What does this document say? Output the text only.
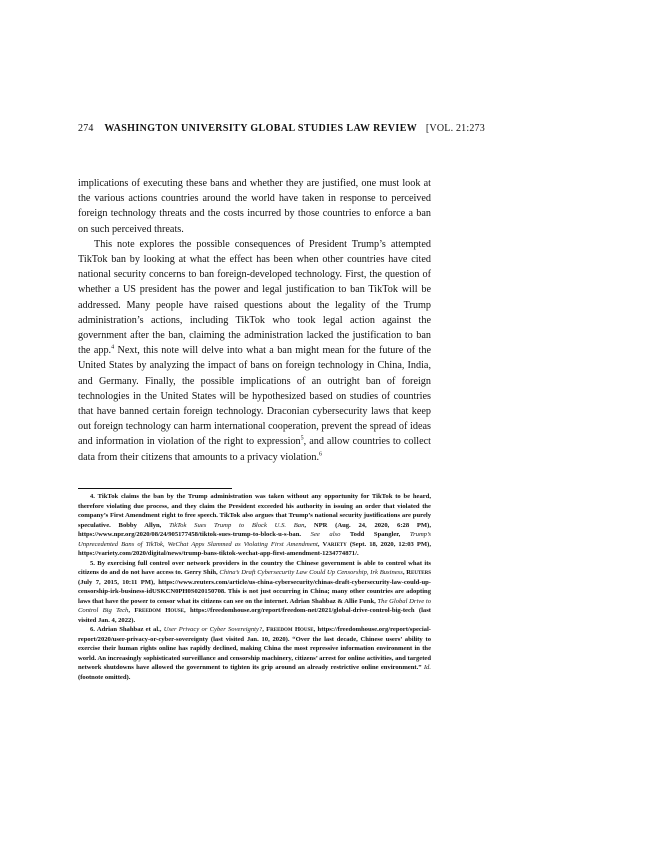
274 WASHINGTON UNIVERSITY GLOBAL STUDIES LAW REVIEW [VOL. 21:273

implications of executing these bans and whether they are justified, one must look at the various actions countries around the world have taken in response to perceived foreign technology threats and the costs incurred by those countries to enforce a ban on such perceived threats.

This note explores the possible consequences of President Trump’s attempted TikTok ban by looking at what the effect has been when other countries have cited national security concerns to ban foreign-developed technology. First, the question of whether a US president has the power and legal justification to ban TikTok will be addressed. Many people have raised questions about the legality of the Trump administration’s actions, including TikTok who took legal action against the government after the ban, claiming the administration lacked the justification to ban the app.$^4$ Next, this note will delve into what a ban might mean for the future of the United States by analyzing the impact of bans on foreign technology in China, India, and Germany. Finally, the possible implications of an outright ban of foreign technologies in the United States will be hypothesized based on studies of countries that have banned certain foreign technology. Draconian cybersecurity laws that keep out foreign technology can harm international cooperation, prevent the spread of ideas and information in violation of the right to expression$^5$, and allow countries to collect data from their citizens that amounts to a privacy violation.$^6$

4. TikTok claims the ban by the Trump administration was taken without any opportunity for TikTok to be heard, therefore violating due process, and they claim the President exceeded his authority in issuing an order that violated the company’s First Amendment right to free speech. TikTok also argues that Trump’s national security justifications are purely speculative. Bobby Allyn, TikTok Sues Trump to Block U.S. Ban, NPR (Aug. 24, 2020, 6:28 PM), https://www.npr.org/2020/08/24/905177458/tiktok-sues-trump-to-block-u-s-ban. See also Todd Spangler, Trump’s Unprecedented Bans of TikTok, WeChat Apps Slammed as Violating First Amendment, Variety (Sept. 18, 2020, 12:03 PM), https://variety.com/2020/digital/news/trump-bans-tiktok-wechat-app-first-amendment-1234774871/.

5. By exercising full control over network providers in the country the Chinese government is able to control what its citizens do and do not have access to. Gerry Shih, China’s Draft Cybersecurity Law Could Up Censorship, Irk Business, Reuters (July 7, 2015, 10:11 PM), https://www.reuters.com/article/us-china-cybersecurity/chinas-draft-cybersecurity-law-could-up-censorship-irk-business-idUSKCN0PH0S020150708. This is not just occurring in China; many other countries are adopting laws that have the power to censor what its citizens can see on the internet. Adrian Shahbaz & Allie Funk, The Global Drive to Control Big Tech, Freedom House, https://freedomhouse.org/report/freedom-net/2021/global-drive-control-big-tech (last visited Jan. 4, 2022).

6. Adrian Shahbaz et al., User Privacy or Cyber Sovereignty?, Freedom House, https://freedomhouse.org/report/special-report/2020/user-privacy-or-cyber-sovereignty (last visited Jan. 10, 2020). “Over the last decade, Chinese users’ ability to exercise their human rights online has rapidly declined, making China the most repressive information environment in the world. An increasingly sophisticated surveillance and censorship machinery, citizens’ arrest for online activities, and targeted network shutdowns have allowed the government to tighten its grip around an already restrictive online environment.” Id. (footnote omitted).
